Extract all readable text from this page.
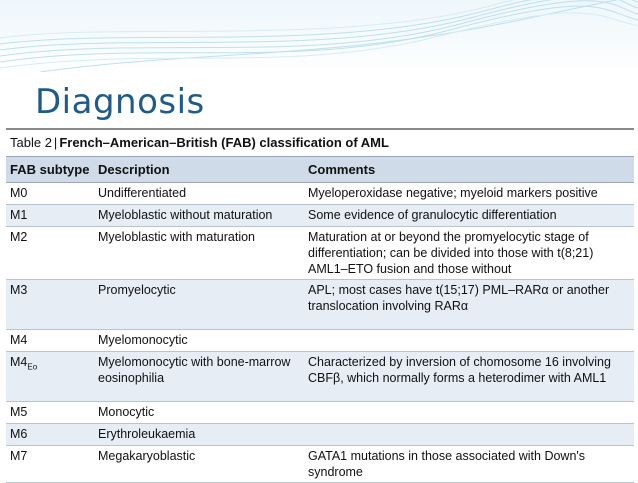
Diagnosis
Table 2 | French–American–British (FAB) classification of AML
FAB subtype	Description	Comments
M0	Undifferentiated	Myeloperoxidase negative; myeloid markers positive
M1	Myeloblastic without maturation	Some evidence of granulocytic differentiation
M2	Myeloblastic with maturation	Maturation at or beyond the promyelocytic stage of differentiation; can be divided into those with t(8;21) AML1–ETO fusion and those without
M3	Promyelocytic	APL; most cases have t(15;17) PML–RARα or another translocation involving RARα
M4	Myelomonocytic	
$M4_{Eo}$	Myelomonocytic with bone-marrow eosinophilia	Characterized by inversion of chomosome 16 involving CBFβ, which normally forms a heterodimer with AML1
M5	Monocytic	
M6	Erythroleukaemia	
M7	Megakaryoblastic	GATA1 mutations in those associated with Down's syndrome
